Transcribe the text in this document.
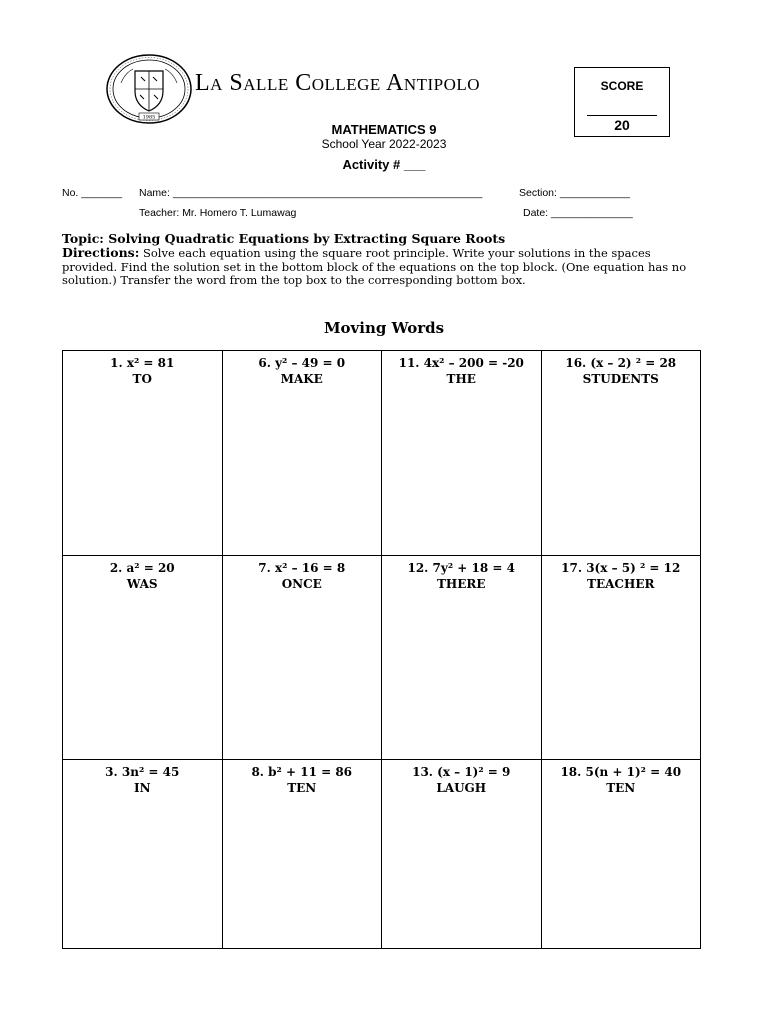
1985
La Salle College Antipolo	SCORE
20
MATHEMATICS 9
School Year 2022-2023
Activity # ___
No. _______ Name: _____________________________________________________	Section: ____________
Teacher: Mr. Homero T. Lumawag	Date: ______________
Topic: Solving Quadratic Equations by Extracting Square Roots
Directions: Solve each equation using the square root principle. Write your solutions in the spaces provided. Find the solution set in the bottom block of the equations on the top block. (One equation has no solution.) Transfer the word from the top box to the corresponding bottom box.
Moving Words
1. x² = 81
TO	6. y² – 49 = 0
MAKE	11. 4x² – 200 = -20
THE	16. (x – 2) ² = 28
STUDENTS

2. a² = 20
WAS	7. x² – 16 = 8
ONCE	12. 7y² + 18 = 4
THERE	17. 3(x – 5) ² = 12
TEACHER

3. 3n² = 45
IN	8. b² + 11 = 86
TEN	13. (x – 1)² = 9
LAUGH	18. 5(n + 1)² = 40
TEN
